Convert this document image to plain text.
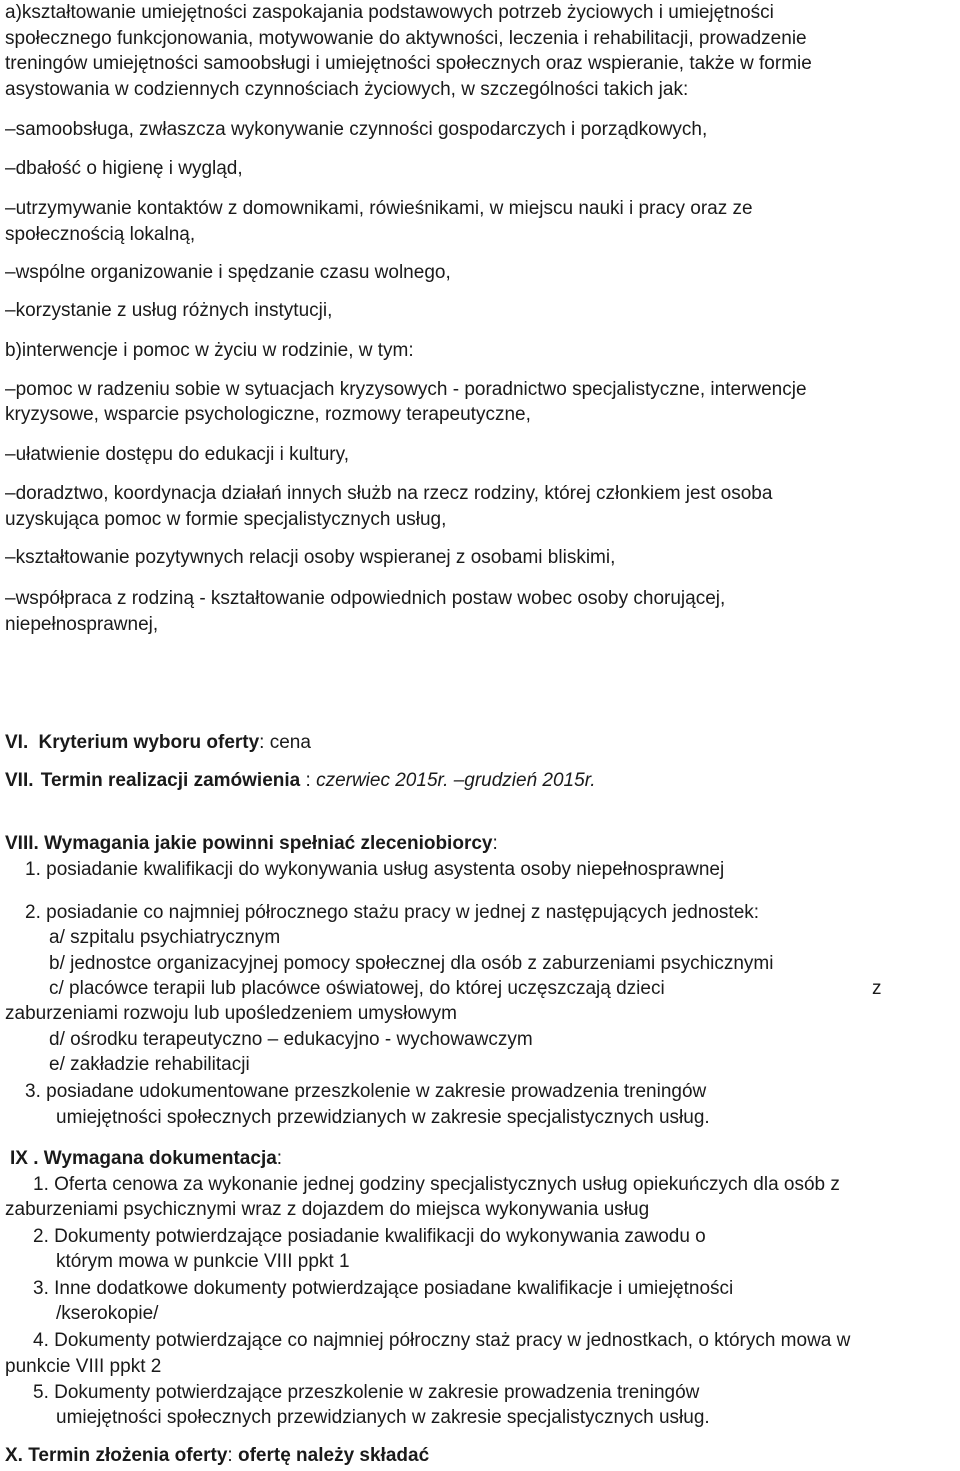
a)kształtowanie umiejętności zaspokajania podstawowych potrzeb życiowych i umiejętności
społecznego funkcjonowania, motywowanie do aktywności, leczenia i rehabilitacji, prowadzenie
treningów umiejętności samoobsługi i umiejętności społecznych oraz wspieranie, także w formie
asystowania w codziennych czynnościach życiowych, w szczególności takich jak:
–samoobsługa, zwłaszcza wykonywanie czynności gospodarczych i porządkowych,
–dbałość o higienę i wygląd,
–utrzymywanie kontaktów z domownikami, rówieśnikami, w miejscu nauki i pracy oraz ze
społecznością lokalną,
–wspólne organizowanie i spędzanie czasu wolnego,
–korzystanie z usług różnych instytucji,
b)interwencje i pomoc w życiu w rodzinie, w tym:
–pomoc w radzeniu sobie w sytuacjach kryzysowych - poradnictwo specjalistyczne, interwencje
kryzysowe, wsparcie psychologiczne, rozmowy terapeutyczne,
–ułatwienie dostępu do edukacji i kultury,
–doradztwo, koordynacja działań innych służb na rzecz rodziny, której członkiem jest osoba
uzyskująca pomoc w formie specjalistycznych usług,
–kształtowanie pozytywnych relacji osoby wspieranej z osobami bliskimi,
–współpraca z rodziną - kształtowanie odpowiednich postaw wobec osoby chorującej,
niepełnosprawnej,
VI. Kryterium wyboru oferty: cena
VII. Termin realizacji zamówienia : czerwiec 2015r. –grudzień 2015r.
VIII. Wymagania jakie powinni spełniać zleceniobiorcy:
1. posiadanie kwalifikacji do wykonywania usług asystenta osoby niepełnosprawnej
2. posiadanie co najmniej półrocznego stażu pracy w jednej z następujących jednostek:
a/ szpitalu psychiatrycznym
b/ jednostce organizacyjnej pomocy społecznej dla osób z zaburzeniami psychicznymi
c/ placówce terapii lub placówce oświatowej, do której uczęszczają dzieci	z
zaburzeniami rozwoju lub upośledzeniem umysłowym
d/ ośrodku terapeutyczno – edukacyjno - wychowawczym
e/ zakładzie rehabilitacji
3. posiadane udokumentowane przeszkolenie w zakresie prowadzenia treningów
umiejętności społecznych przewidzianych w zakresie specjalistycznych usług.
IX . Wymagana dokumentacja:
1. Oferta cenowa za wykonanie jednej godziny specjalistycznych usług opiekuńczych dla osób z
zaburzeniami psychicznymi wraz z dojazdem do miejsca wykonywania usług
2. Dokumenty potwierdzające posiadanie kwalifikacji do wykonywania zawodu o
którym mowa w punkcie VIII ppkt 1
3. Inne dodatkowe dokumenty potwierdzające posiadane kwalifikacje i umiejętności
/kserokopie/
4. Dokumenty potwierdzające co najmniej półroczny staż pracy w jednostkach, o których mowa w
punkcie VIII ppkt 2
5. Dokumenty potwierdzające przeszkolenie w zakresie prowadzenia treningów
umiejętności społecznych przewidzianych w zakresie specjalistycznych usług.
X. Termin złożenia oferty: ofertę należy składać
